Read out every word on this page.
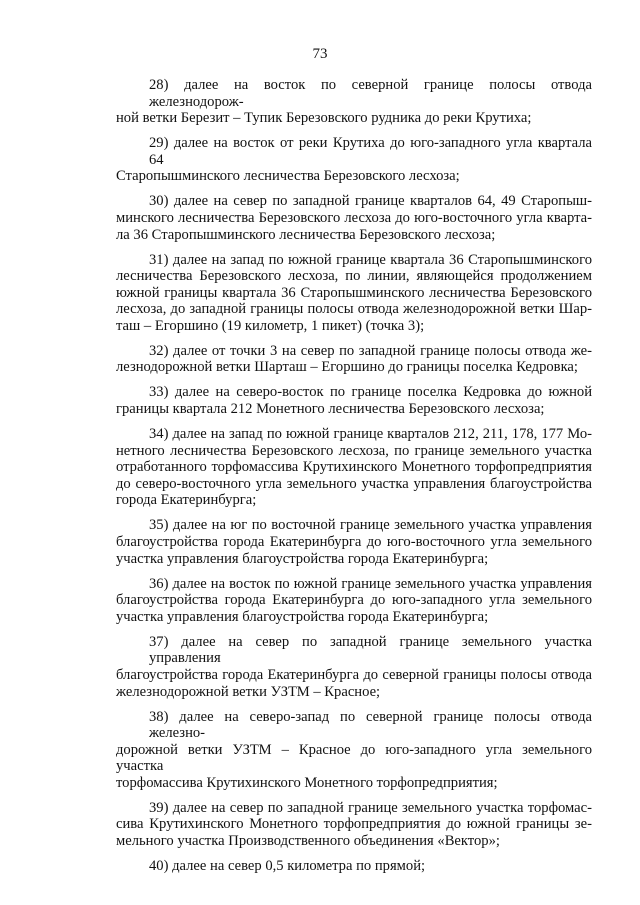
73
28) далее на восток по северной границе полосы отвода железнодорож-
ной ветки Березит – Тупик Березовского рудника до реки Крутиха;
29) далее на восток от реки Крутиха до юго-западного угла квартала 64
Старопышминского лесничества Березовского лесхоза;
30) далее на север по западной границе кварталов 64, 49 Старопыш-
минского лесничества Березовского лесхоза до юго-восточного угла кварта-
ла 36 Старопышминского лесничества Березовского лесхоза;
31) далее на запад по южной границе квартала 36 Старопышминского
лесничества Березовского лесхоза, по линии, являющейся продолжением
южной границы квартала 36 Старопышминского лесничества Березовского
лесхоза, до западной границы полосы отвода железнодорожной ветки Шар-
таш – Егоршино (19 километр, 1 пикет) (точка 3);
32) далее от точки 3 на север по западной границе полосы отвода же-
лезнодорожной ветки Шарташ – Егоршино до границы поселка Кедровка;
33) далее на северо-восток по границе поселка Кедровка до южной
границы квартала 212 Монетного лесничества Березовского лесхоза;
34) далее на запад по южной границе кварталов 212, 211, 178, 177 Мо-
нетного лесничества Березовского лесхоза, по границе земельного участка
отработанного торфомассива Крутихинского Монетного торфопредприятия
до северо-восточного угла земельного участка управления благоустройства
города Екатеринбурга;
35) далее на юг по восточной границе земельного участка управления
благоустройства города Екатеринбурга до юго-восточного угла земельного
участка управления благоустройства города Екатеринбурга;
36) далее на восток по южной границе земельного участка управления
благоустройства города Екатеринбурга до юго-западного угла земельного
участка управления благоустройства города Екатеринбурга;
37) далее на север по западной границе земельного участка управления
благоустройства города Екатеринбурга до северной границы полосы отвода
железнодорожной ветки УЗТМ – Красное;
38) далее на северо-запад по северной границе полосы отвода железно-
дорожной ветки УЗТМ – Красное до юго-западного угла земельного участка
торфомассива Крутихинского Монетного торфопредприятия;
39) далее на север по западной границе земельного участка торфомас-
сива Крутихинского Монетного торфопредприятия до южной границы зе-
мельного участка Производственного объединения «Вектор»;
40) далее на север 0,5 километра по прямой;
